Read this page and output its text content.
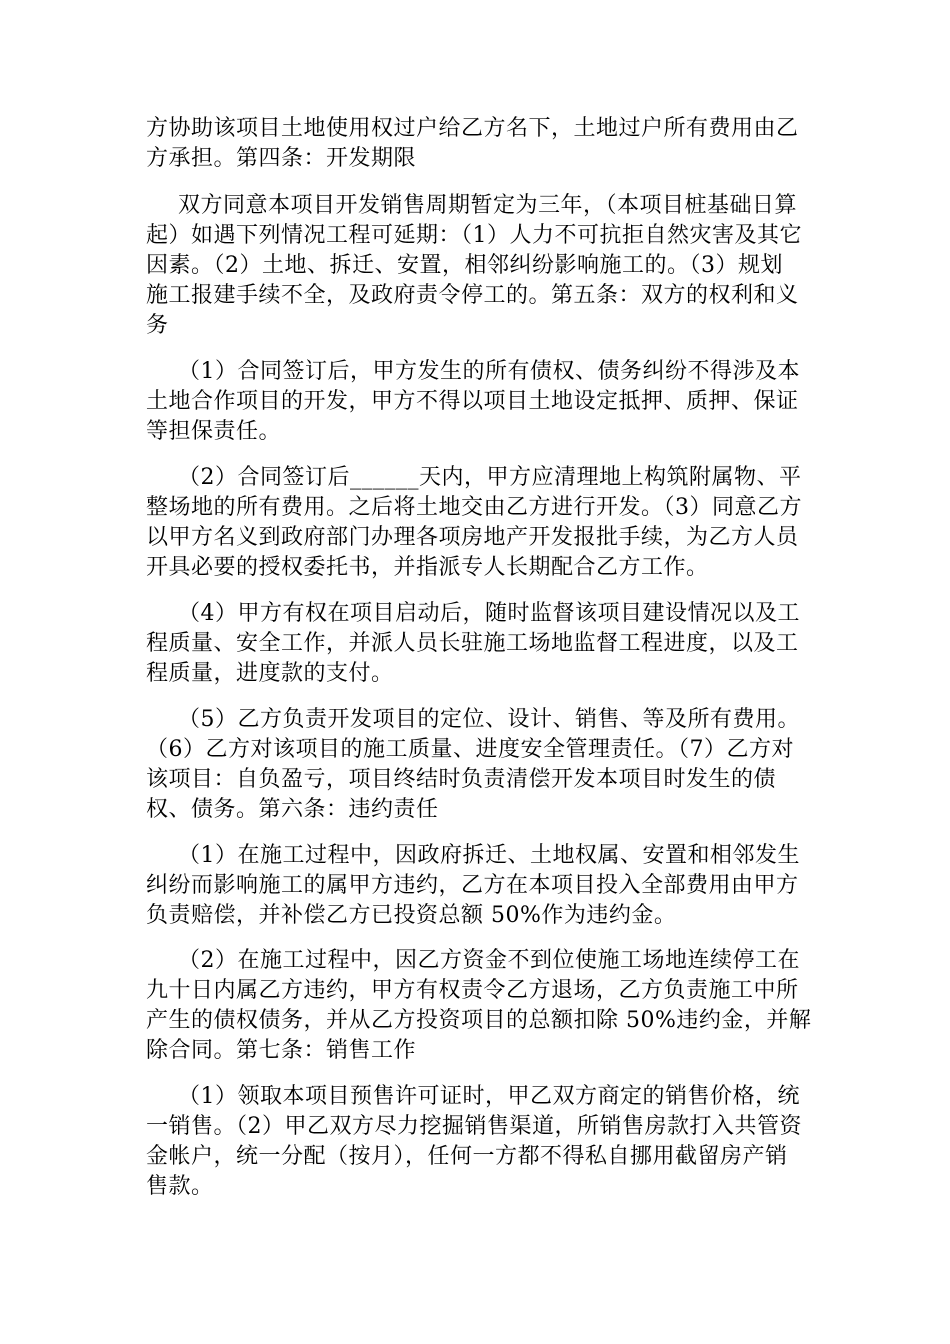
方协助该项目土地使用权过户给乙方名下，土地过户所有费用由乙
方承担。第四条：开发期限
双方同意本项目开发销售周期暂定为三年，（本项目桩基础日算
起）如遇下列情况工程可延期：（1）人力不可抗拒自然灾害及其它
因素。（2）土地、拆迁、安置，相邻纠纷影响施工的。（3）规划
施工报建手续不全，及政府责令停工的。第五条：双方的权利和义
务
（1）合同签订后，甲方发生的所有债权、债务纠纷不得涉及本
土地合作项目的开发，甲方不得以项目土地设定抵押、质押、保证
等担保责任。
（2）合同签订后______天内，甲方应清理地上构筑附属物、平
整场地的所有费用。之后将土地交由乙方进行开发。（3）同意乙方
以甲方名义到政府部门办理各项房地产开发报批手续，为乙方人员
开具必要的授权委托书，并指派专人长期配合乙方工作。
（4）甲方有权在项目启动后，随时监督该项目建设情况以及工
程质量、安全工作，并派人员长驻施工场地监督工程进度，以及工
程质量，进度款的支付。
（5）乙方负责开发项目的定位、设计、销售、等及所有费用。
（6）乙方对该项目的施工质量、进度安全管理责任。（7）乙方对
该项目：自负盈亏，项目终结时负责清偿开发本项目时发生的债
权、债务。第六条：违约责任
（1）在施工过程中，因政府拆迁、土地权属、安置和相邻发生
纠纷而影响施工的属甲方违约，乙方在本项目投入全部费用由甲方
负责赔偿，并补偿乙方已投资总额 50%作为违约金。
（2）在施工过程中，因乙方资金不到位使施工场地连续停工在
九十日内属乙方违约，甲方有权责令乙方退场，乙方负责施工中所
产生的债权债务，并从乙方投资项目的总额扣除 50%违约金，并解
除合同。第七条：销售工作
（1）领取本项目预售许可证时，甲乙双方商定的销售价格，统
一销售。（2）甲乙双方尽力挖掘销售渠道，所销售房款打入共管资
金帐户，统一分配（按月），任何一方都不得私自挪用截留房产销
售款。
